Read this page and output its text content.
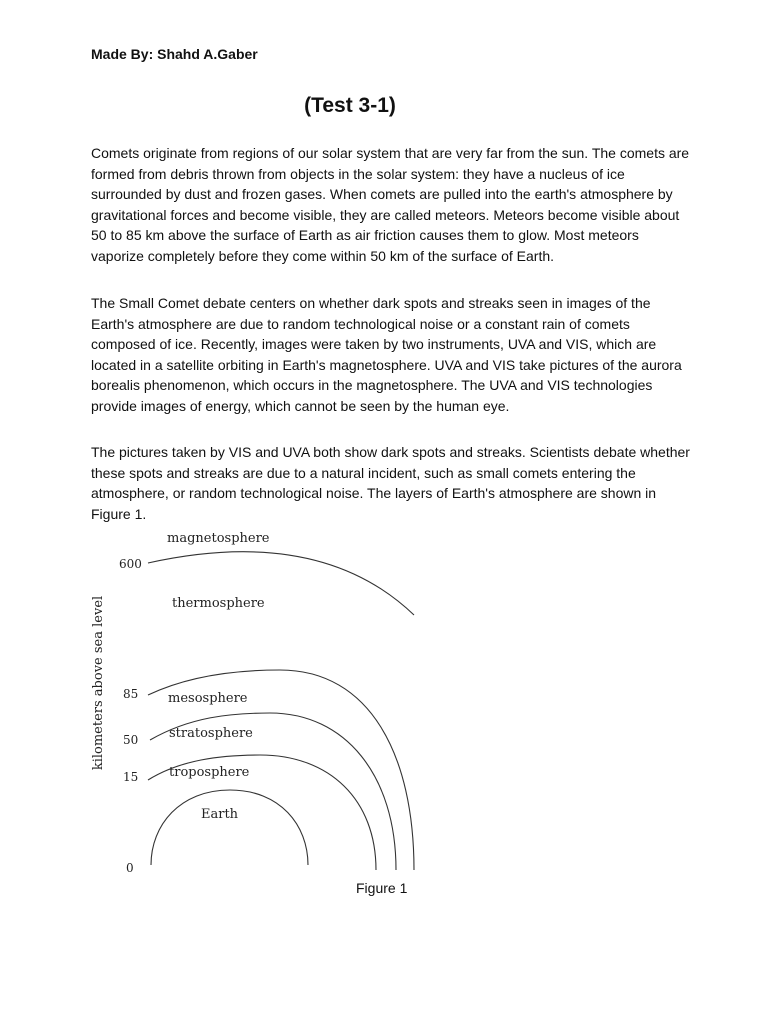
Made By: Shahd A.Gaber
(Test 3-1)

Comets originate from regions of our solar system that are very far from the sun. The comets are formed from debris thrown from objects in the solar system: they have a nucleus of ice surrounded by dust and frozen gases. When comets are pulled into the earth's atmosphere by gravitational forces and become visible, they are called meteors. Meteors become visible about 50 to 85 km above the surface of Earth as air friction causes them to glow. Most meteors vaporize completely before they come within 50 km of the surface of Earth.

The Small Comet debate centers on whether dark spots and streaks seen in images of the Earth's atmosphere are due to random technological noise or a constant rain of comets composed of ice. Recently, images were taken by two instruments, UVA and VIS, which are located in a satellite orbiting in Earth's magnetosphere. UVA and VIS take pictures of the aurora borealis phenomenon, which occurs in the magnetosphere. The UVA and VIS technologies provide images of energy, which cannot be seen by the human eye.

The pictures taken by VIS and UVA both show dark spots and streaks. Scientists debate whether these spots and streaks are due to a natural incident, such as small comets entering the atmosphere, or random technological noise. The layers of Earth's atmosphere are shown in Figure 1.

kilometers above sea level
600
85
50
15
0
magnetosphere
thermosphere
mesosphere
stratosphere
troposphere
Earth
Figure 1
